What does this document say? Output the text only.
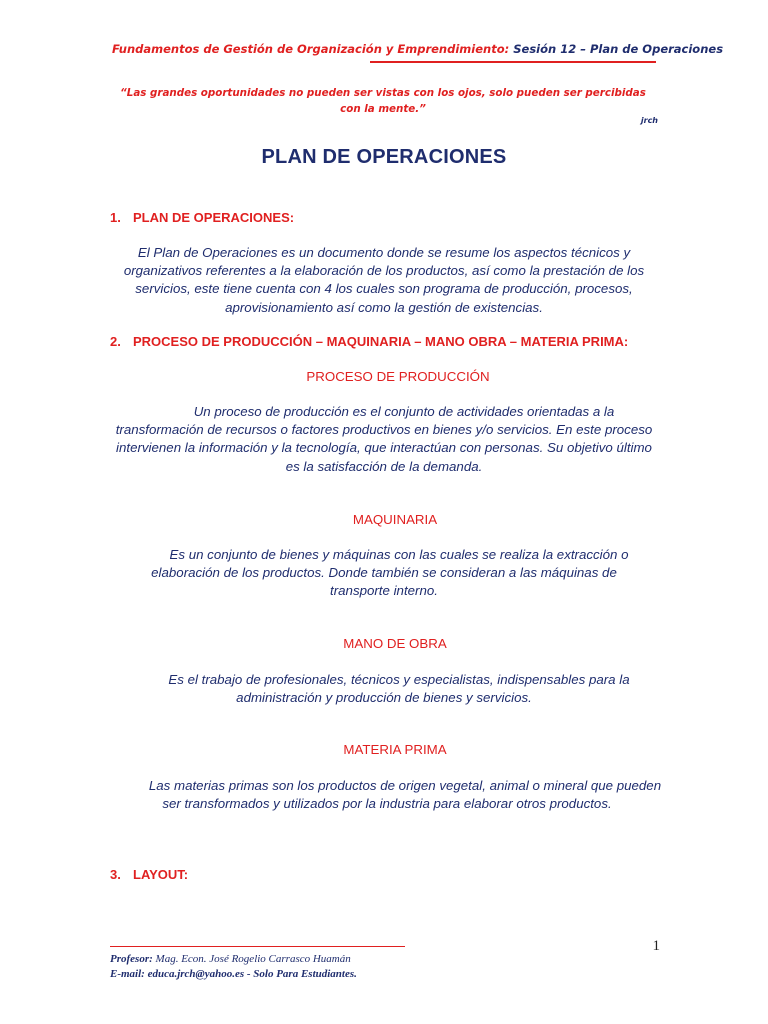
Fundamentos de Gestión de Organización y Emprendimiento: Sesión 12 – Plan de Operaciones
“Las grandes oportunidades no pueden ser vistas con los ojos, solo pueden ser percibidas con la mente.”
jrch
PLAN DE OPERACIONES
1. PLAN DE OPERACIONES:
El Plan de Operaciones es un documento donde se resume los aspectos técnicos y organizativos referentes a la elaboración de los productos, así como la prestación de los servicios, este tiene cuenta con 4 los cuales son programa de producción, procesos, aprovisionamiento así como la gestión de existencias.
2. PROCESO DE PRODUCCIÓN – MAQUINARIA – MANO OBRA – MATERIA PRIMA:
PROCESO DE PRODUCCIÓN
Un proceso de producción es el conjunto de actividades orientadas a la transformación de recursos o factores productivos en bienes y/o servicios. En este proceso intervienen la información y la tecnología, que interactúan con personas. Su objetivo último es la satisfacción de la demanda.
MAQUINARIA
Es un conjunto de bienes y máquinas con las cuales se realiza la extracción o elaboración de los productos. Donde también se consideran a las máquinas de transporte interno.
MANO DE OBRA
Es el trabajo de profesionales, técnicos y especialistas, indispensables para la administración y producción de bienes y servicios.
MATERIA PRIMA
Las materias primas son los productos de origen vegetal, animal o mineral que pueden ser transformados y utilizados por la industria para elaborar otros productos.
3. LAYOUT:
1
Profesor: Mag. Econ. José Rogelio Carrasco Huamán
E-mail: educa.jrch@yahoo.es - Solo Para Estudiantes.
